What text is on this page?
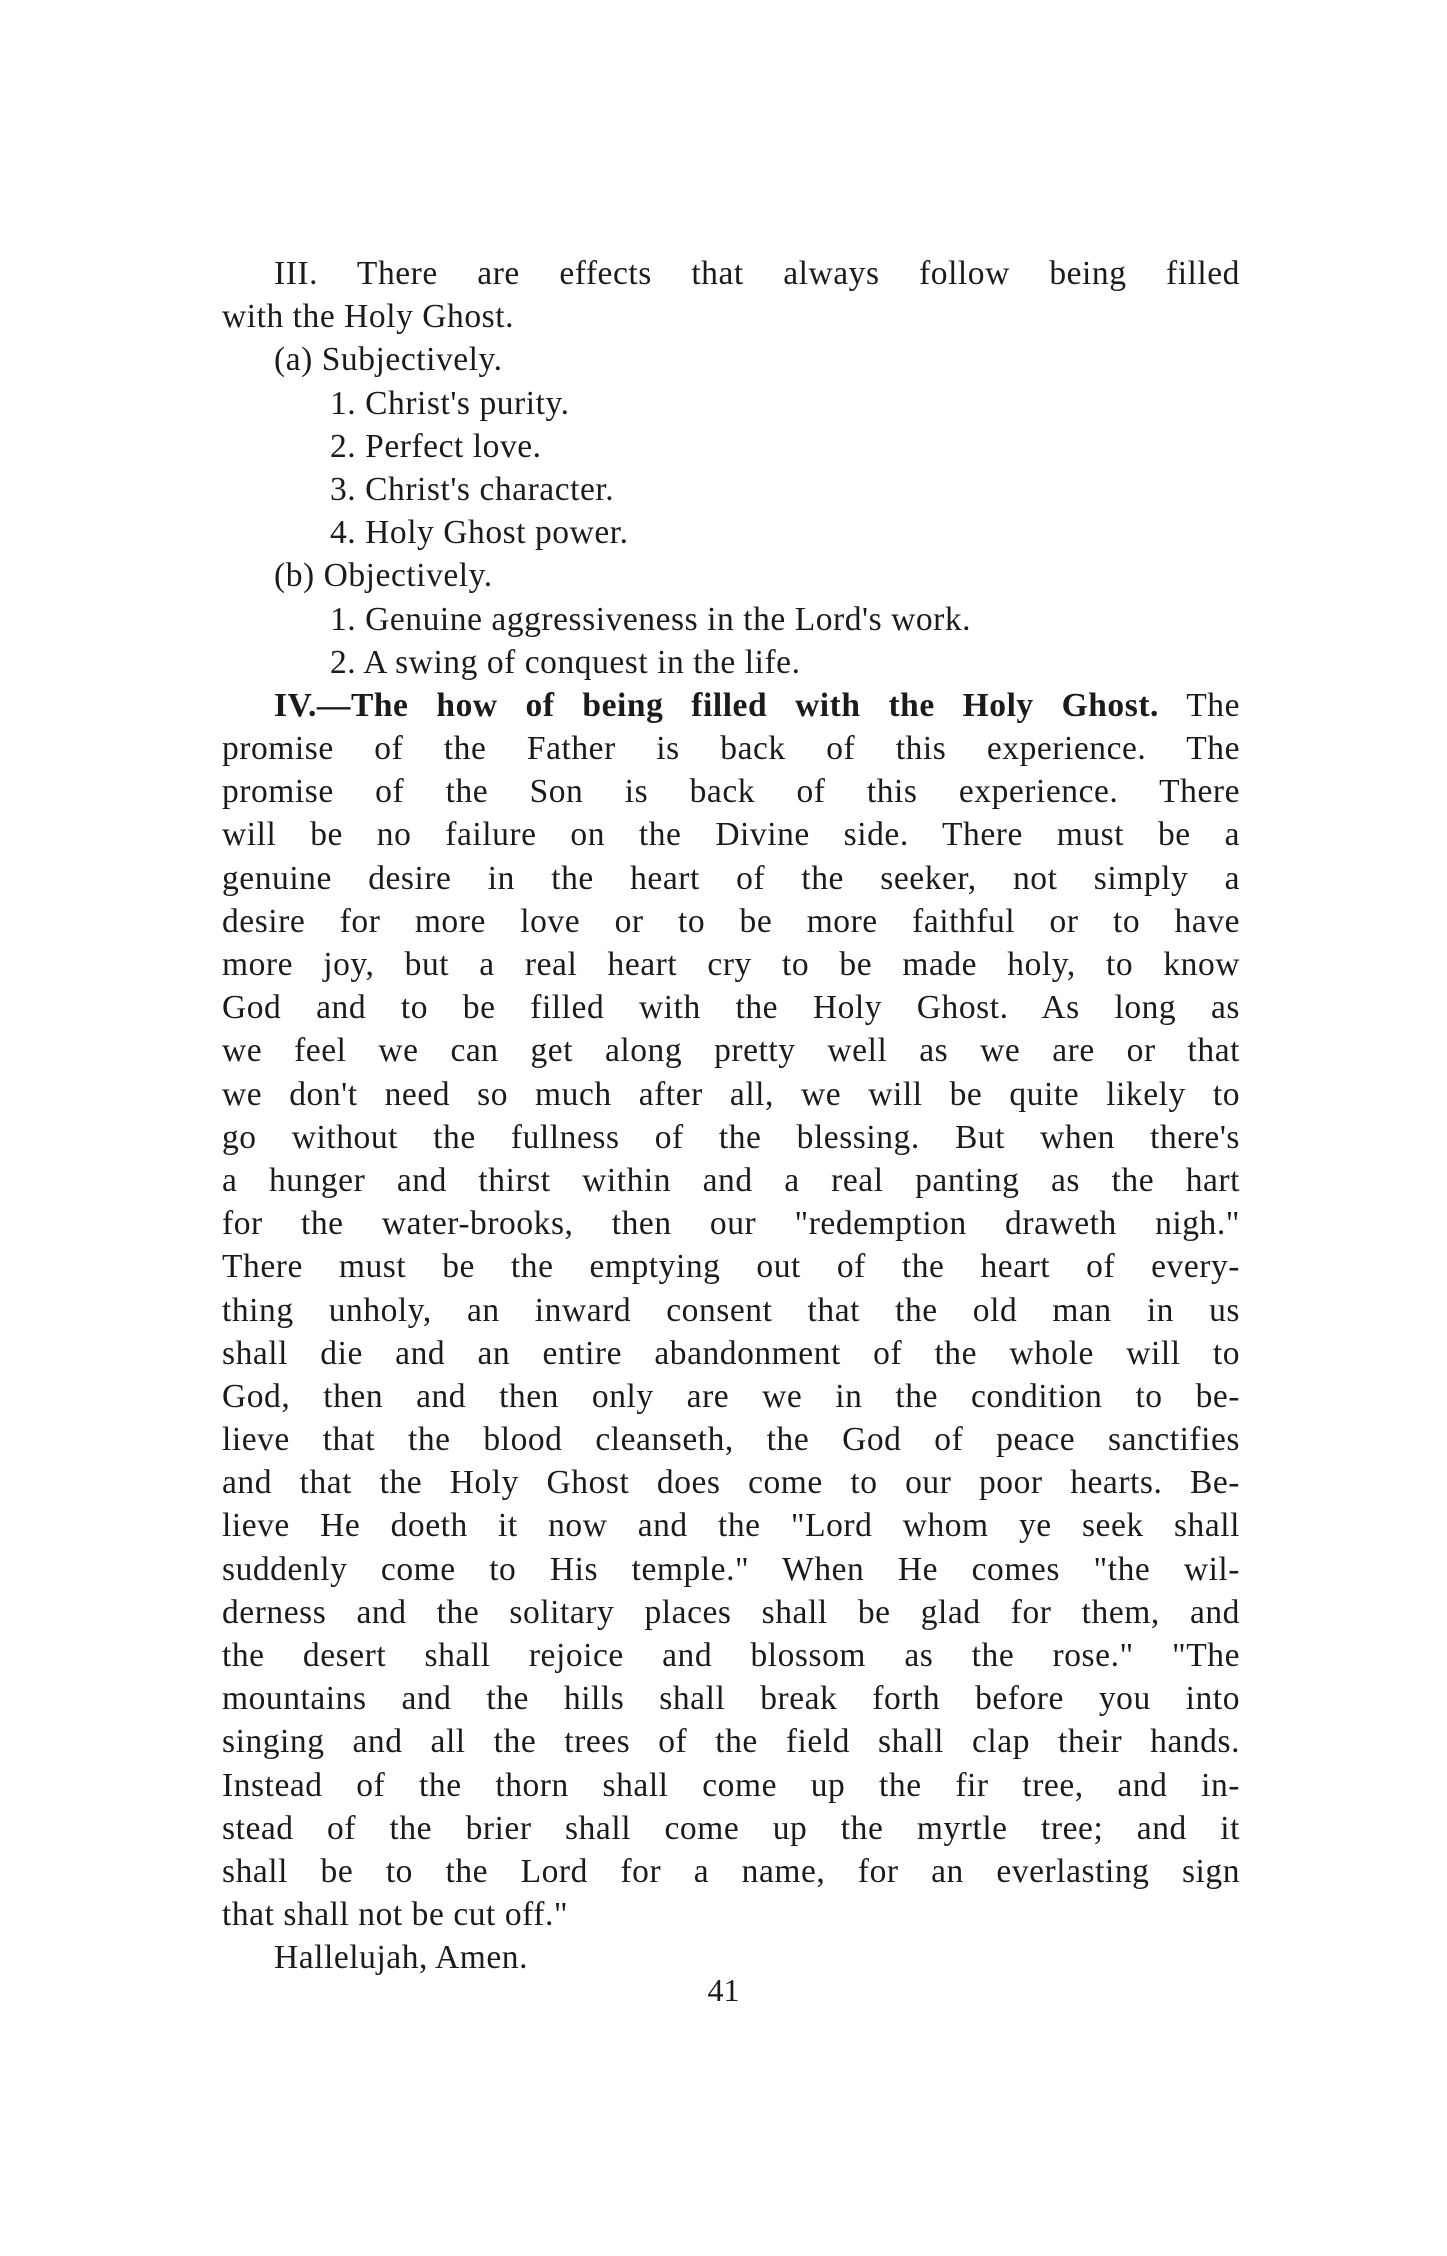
III. There are effects that always follow being filled
with the Holy Ghost.
(a) Subjectively.
1. Christ's purity.
2. Perfect love.
3. Christ's character.
4. Holy Ghost power.
(b) Objectively.
1. Genuine aggressiveness in the Lord's work.
2. A swing of conquest in the life.
IV.—The how of being filled with the Holy Ghost. The
promise of the Father is back of this experience. The
promise of the Son is back of this experience. There
will be no failure on the Divine side. There must be a
genuine desire in the heart of the seeker, not simply a
desire for more love or to be more faithful or to have
more joy, but a real heart cry to be made holy, to know
God and to be filled with the Holy Ghost. As long as
we feel we can get along pretty well as we are or that
we don't need so much after all, we will be quite likely to
go without the fullness of the blessing. But when there's
a hunger and thirst within and a real panting as the hart
for the water-brooks, then our "redemption draweth nigh."
There must be the emptying out of the heart of every-
thing unholy, an inward consent that the old man in us
shall die and an entire abandonment of the whole will to
God, then and then only are we in the condition to be-
lieve that the blood cleanseth, the God of peace sanctifies
and that the Holy Ghost does come to our poor hearts. Be-
lieve He doeth it now and the "Lord whom ye seek shall
suddenly come to His temple." When He comes "the wil-
derness and the solitary places shall be glad for them, and
the desert shall rejoice and blossom as the rose." "The
mountains and the hills shall break forth before you into
singing and all the trees of the field shall clap their hands.
Instead of the thorn shall come up the fir tree, and in-
stead of the brier shall come up the myrtle tree; and it
shall be to the Lord for a name, for an everlasting sign
that shall not be cut off."
Hallelujah, Amen.
41
